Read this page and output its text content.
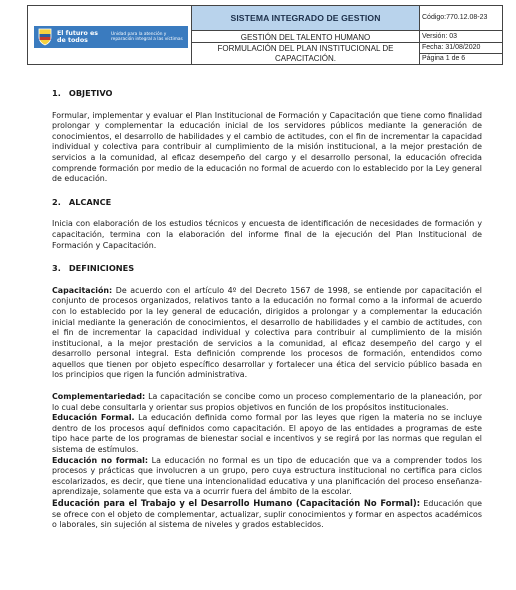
El futuro es de todos
Unidad para la atención y reparación integral a las víctimas
SISTEMA INTEGRADO DE GESTION
GESTIÓN DEL TALENTO HUMANO
FORMULACIÓN DEL PLAN INSTITUCIONAL DE CAPACITACIÓN.
Código:770.12.08-23
Versión: 03
Fecha: 31/08/2020
Página 1 de 6
1. OBJETIVO

Formular, implementar y evaluar el Plan Institucional de Formación y Capacitación que tiene como finalidad prolongar y complementar la educación inicial de los servidores públicos mediante la generación de conocimientos, el desarrollo de habilidades y el cambio de actitudes, con el fin de incrementar la capacidad individual y colectiva para contribuir al cumplimiento de la misión institucional, a la mejor prestación de servicios a la comunidad, al eficaz desempeño del cargo y el desarrollo personal, la educación ofrecida comprende formación por medio de la educación no formal de acuerdo con lo establecido por la Ley general de educación.

2. ALCANCE

Inicia con elaboración de los estudios técnicos y encuesta de identificación de necesidades de formación y capacitación, termina con la elaboración del informe final de la ejecución del Plan Institucional de Formación y Capacitación.

3. DEFINICIONES

Capacitación: De acuerdo con el artículo 4º del Decreto 1567 de 1998, se entiende por capacitación el conjunto de procesos organizados, relativos tanto a la educación no formal como a la informal de acuerdo con lo establecido por la ley general de educación, dirigidos a prolongar y a complementar la educación inicial mediante la generación de conocimientos, el desarrollo de habilidades y el cambio de actitudes, con el fin de incrementar la capacidad individual y colectiva para contribuir al cumplimiento de la misión institucional, a la mejor prestación de servicios a la comunidad, al eficaz desempeño del cargo y el desarrollo personal integral. Esta definición comprende los procesos de formación, entendidos como aquellos que tienen por objeto específico desarrollar y fortalecer una ética del servicio público basada en los principios que rigen la función administrativa.

Complementariedad: La capacitación se concibe como un proceso complementario de la planeación, por lo cual debe consultarla y orientar sus propios objetivos en función de los propósitos institucionales.

Educación Formal. La educación definida como formal por las leyes que rigen la materia no se incluye dentro de los procesos aquí definidos como capacitación. El apoyo de las entidades a programas de este tipo hace parte de los programas de bienestar social e incentivos y se regirá por las normas que regulan el sistema de estímulos.

Educación no formal: La educación no formal es un tipo de educación que va a comprender todos los procesos y prácticas que involucren a un grupo, pero cuya estructura institucional no certifica para ciclos escolarizados, es decir, que tiene una intencionalidad educativa y una planificación del proceso enseñanza-aprendizaje, solamente que esta va a ocurrir fuera del ámbito de la escolar.

Educación para el Trabajo y el Desarrollo Humano (Capacitación No Formal): Educación que se ofrece con el objeto de complementar, actualizar, suplir conocimientos y formar en aspectos académicos o laborales, sin sujeción al sistema de niveles y grados establecidos.
